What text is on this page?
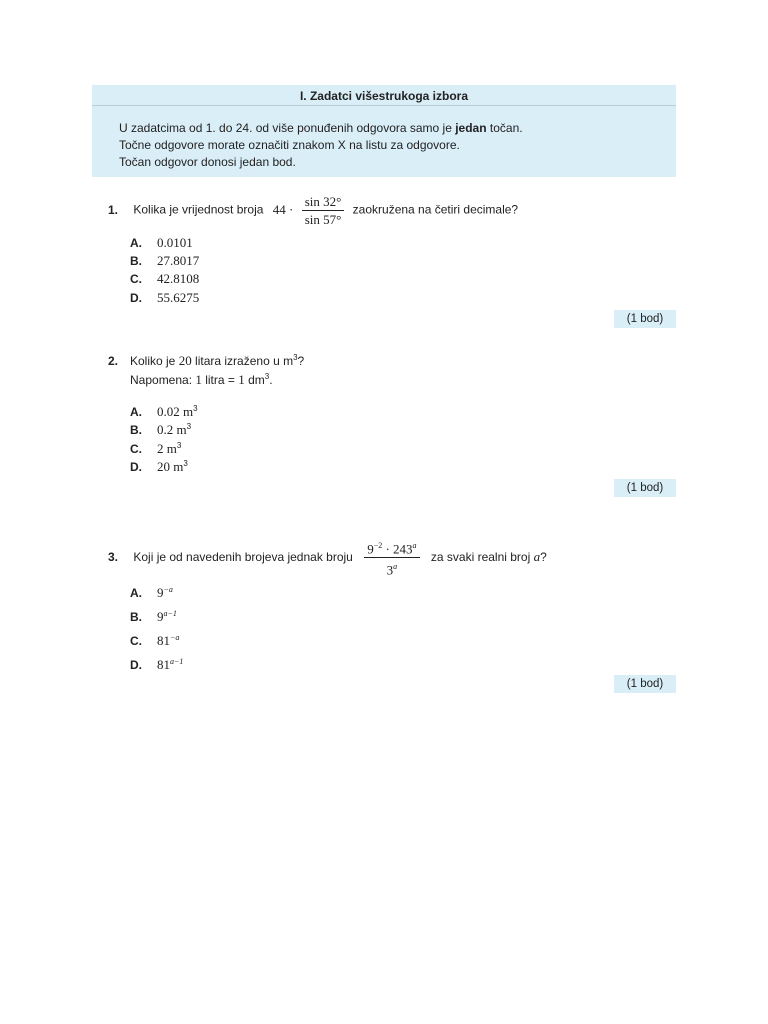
I. Zadatci višestrukoga izbora
U zadatcima od 1. do 24. od više ponuđenih odgovora samo je jedan točan.
Točne odgovore morate označiti znakom X na listu za odgovore.
Točan odgovor donosi jedan bod.
1. Kolika je vrijednost broja $44 \cdot \frac{\sin 32^\circ}{\sin 57^\circ}$ zaokružena na četiri decimale?
A. 0.0101
B. 27.8017
C. 42.8108
D. 55.6275
(1 bod)
2. Koliko je 20 litara izraženo u $m^3$?
Napomena: 1 litra = 1 $dm^3$.
A. 0.02 $m^3$
B. 0.2 $m^3$
C. 2 $m^3$
D. 20 $m^3$
(1 bod)
3. Koji je od navedenih brojeva jednak broju $\frac{9^{-2} \cdot 243^a}{3^a}$ za svaki realni broj a?
A. $9^{-a}$
B. $9^{a-1}$
C. $81^{-a}$
D. $81^{a-1}$
(1 bod)
